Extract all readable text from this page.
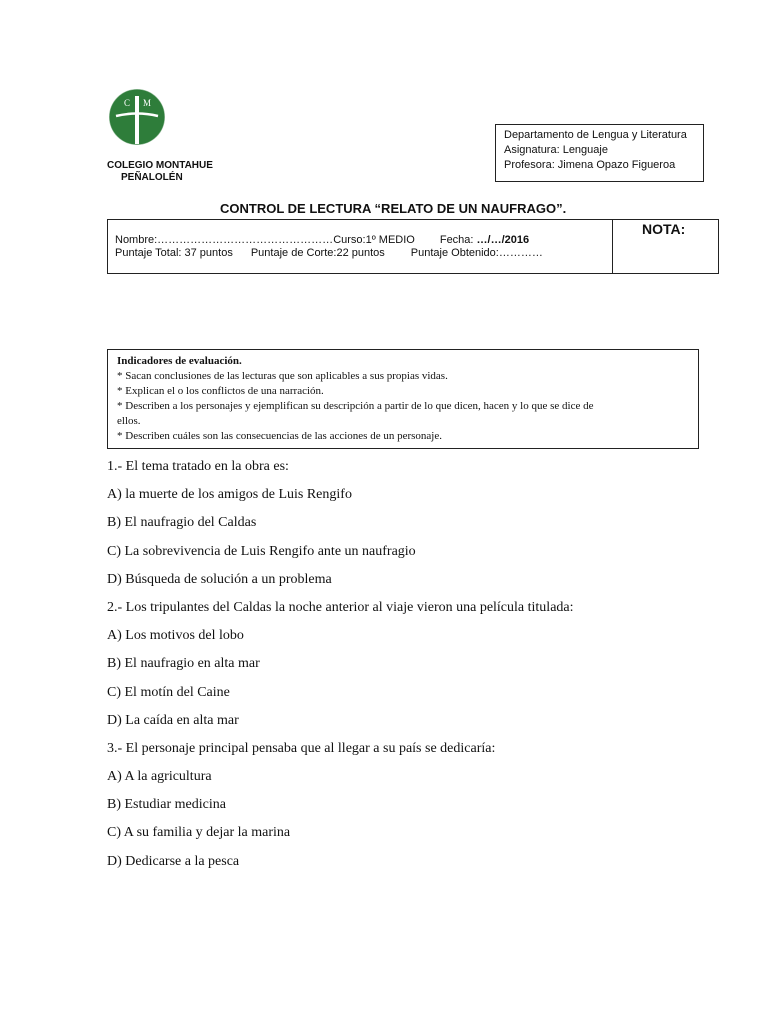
C M
COLEGIO MONTAHUE
PEÑALOLÉN
Departamento de Lengua y Literatura
Asignatura: Lenguaje
Profesora: Jimena Opazo Figueroa
CONTROL DE LECTURA “RELATO DE UN NAUFRAGO”.
Nombre:…………………………………………Curso:1º MEDIO Fecha: …/…/2016
Puntaje Total: 37 puntos Puntaje de Corte:22 puntos Puntaje Obtenido:…………
NOTA:
Indicadores de evaluación.
* Sacan conclusiones de las lecturas que son aplicables a sus propias vidas.
* Explican el o los conflictos de una narración.
* Describen a los personajes y ejemplifican su descripción a partir de lo que dicen, hacen y lo que se dice de
ellos.
* Describen cuáles son las consecuencias de las acciones de un personaje.
1.- El tema tratado en la obra es:
A) la muerte de los amigos de Luis Rengifo
B) El naufragio del Caldas
C) La sobrevivencia de Luis Rengifo ante un naufragio
D) Búsqueda de solución a un problema
2.- Los tripulantes del Caldas la noche anterior al viaje vieron una película titulada:
A) Los motivos del lobo
B) El naufragio en alta mar
C) El motín del Caine
D) La caída en alta mar
3.- El personaje principal pensaba que al llegar a su país se dedicaría:
A) A la agricultura
B) Estudiar medicina
C) A su familia y dejar la marina
D) Dedicarse a la pesca
